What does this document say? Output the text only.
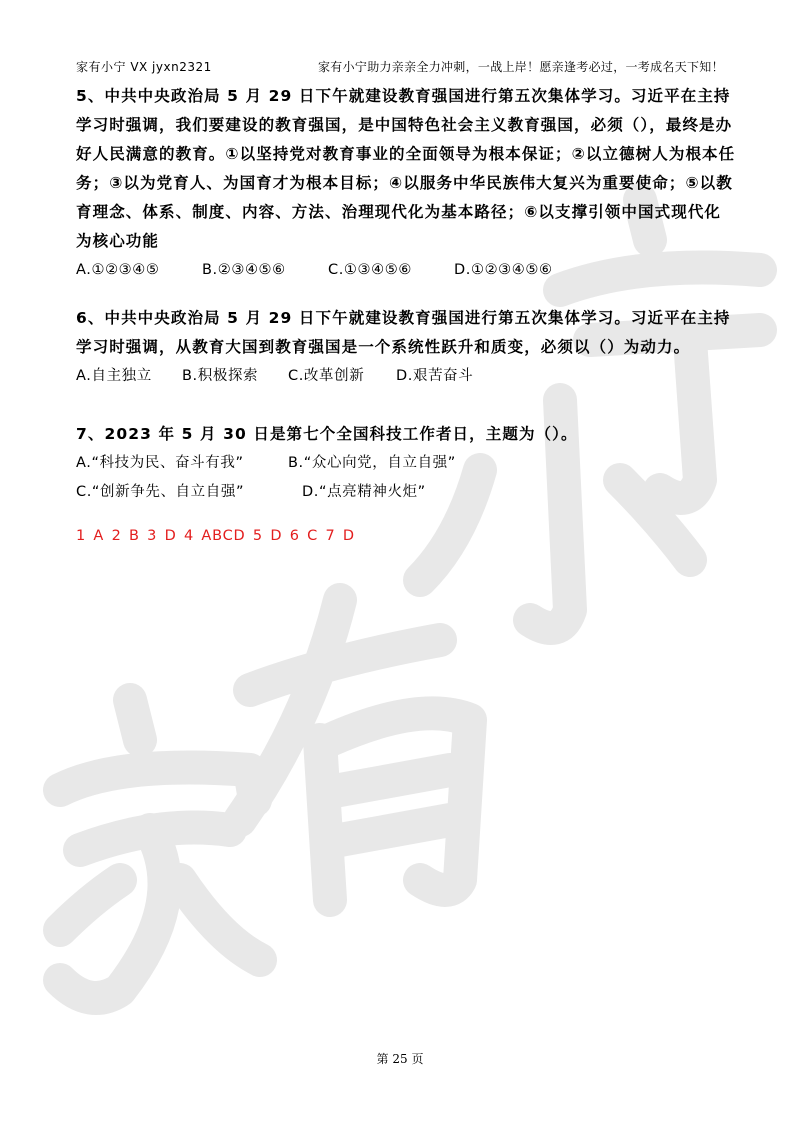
家有小宁 VX jyxn2321	家有小宁助力亲亲全力冲刺，一战上岸！愿亲逢考必过，一考成名天下知！

5、中共中央政治局 5 月 29 日下午就建设教育强国进行第五次集体学习。习近平在主持学习时强调，我们要建设的教育强国，是中国特色社会主义教育强国，必须（），最终是办好人民满意的教育。①以坚持党对教育事业的全面领导为根本保证；②以立德树人为根本任务；③以为党育人、为国育才为根本目标；④以服务中华民族伟大复兴为重要使命；⑤以教育理念、体系、制度、内容、方法、治理现代化为基本路径；⑥以支撑引领中国式现代化为核心功能

A.①②③④⑤	B.②③④⑤⑥	C.①③④⑤⑥	D.①②③④⑤⑥

6、中共中央政治局 5 月 29 日下午就建设教育强国进行第五次集体学习。习近平在主持学习时强调，从教育大国到教育强国是一个系统性跃升和质变，必须以（）为动力。

A.自主独立 B.积极探索 C.改革创新 D.艰苦奋斗

7、2023 年 5 月 30 日是第七个全国科技工作者日，主题为（）。

A.“科技为民、奋斗有我”	B.“众心向党，自立自强”

C.“创新争先、自立自强”	D.“点亮精神火炬”

1 A 2 B 3 D 4 ABCD 5 D 6 C 7 D
第 25 页
